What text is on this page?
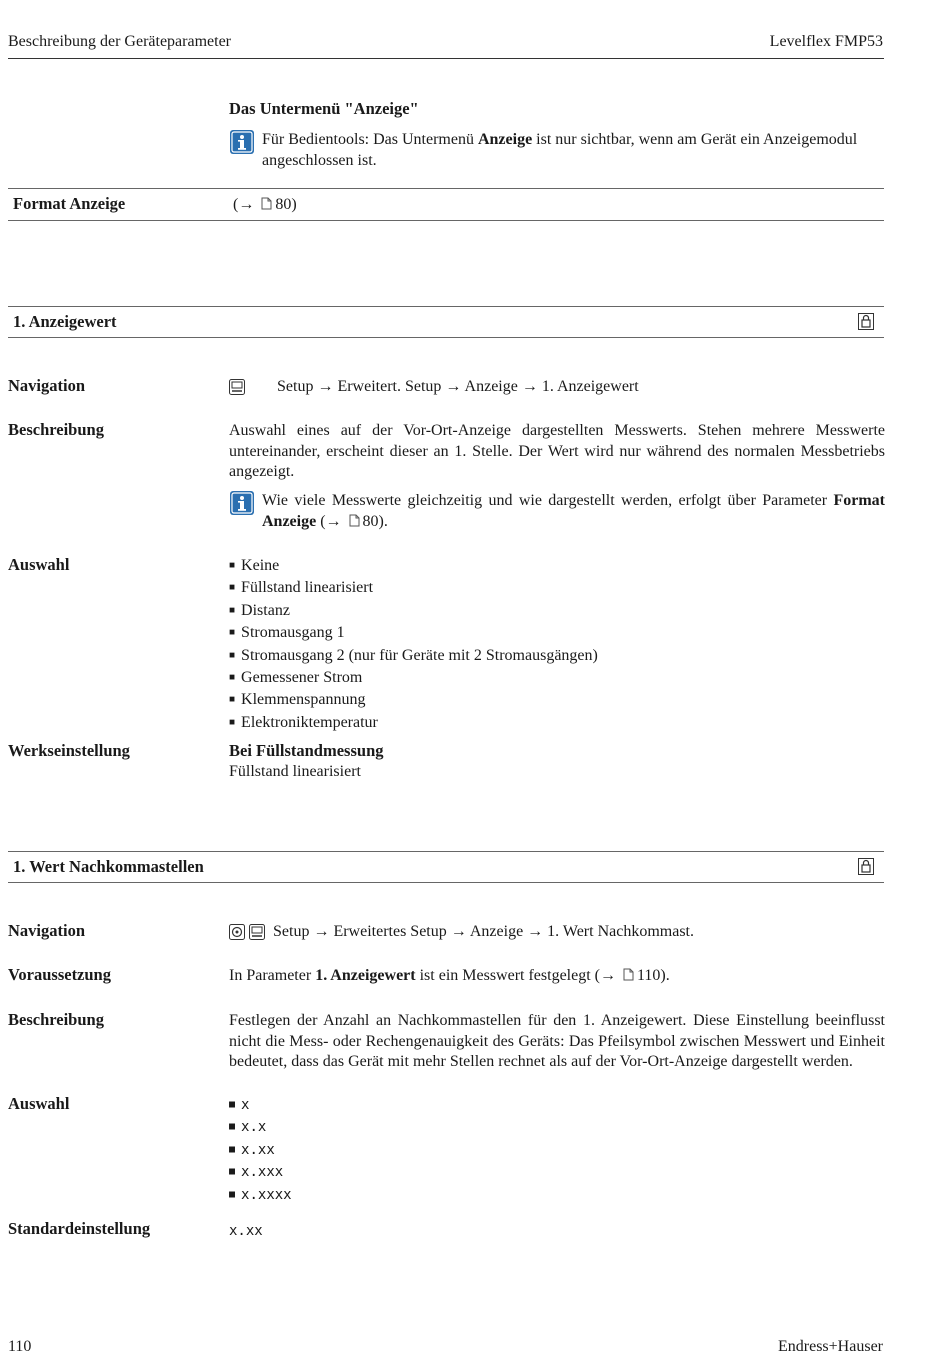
Beschreibung der Geräteparameter	Levelflex FMP53
Das Untermenü "Anzeige"
Für Bedientools: Das Untermenü Anzeige ist nur sichtbar, wenn am Gerät ein Anzeigemodul angeschlossen ist.
Format Anzeige	(→ 80)
1. Anzeigewert
Navigation	Setup → Erweitert. Setup → Anzeige → 1. Anzeigewert
Beschreibung	Auswahl eines auf der Vor-Ort-Anzeige dargestellten Messwerts. Stehen mehrere Messwerte untereinander, erscheint dieser an 1. Stelle. Der Wert wird nur während des normalen Messbetriebs angezeigt.
Wie viele Messwerte gleichzeitig und wie dargestellt werden, erfolgt über Parameter Format Anzeige (→ 80).
Auswahl	■ Keine
■ Füllstand linearisiert
■ Distanz
■ Stromausgang 1
■ Stromausgang 2 (nur für Geräte mit 2 Stromausgängen)
■ Gemessener Strom
■ Klemmenspannung
■ Elektroniktemperatur
Werkseinstellung	Bei Füllstandmessung
Füllstand linearisiert
1. Wert Nachkommastellen
Navigation	Setup → Erweitertes Setup → Anzeige → 1. Wert Nachkommast.
Voraussetzung	In Parameter 1. Anzeigewert ist ein Messwert festgelegt (→ 110).
Beschreibung	Festlegen der Anzahl an Nachkommastellen für den 1. Anzeigewert. Diese Einstellung beeinflusst nicht die Mess- oder Rechengenauigkeit des Geräts: Das Pfeilsymbol zwischen Messwert und Einheit bedeutet, dass das Gerät mit mehr Stellen rechnet als auf der Vor-Ort-Anzeige dargestellt werden.
Auswahl	■ x
■ x.x
■ x.xx
■ x.xxx
■ x.xxxx
Standardeinstellung	x.xx
110	Endress+Hauser
